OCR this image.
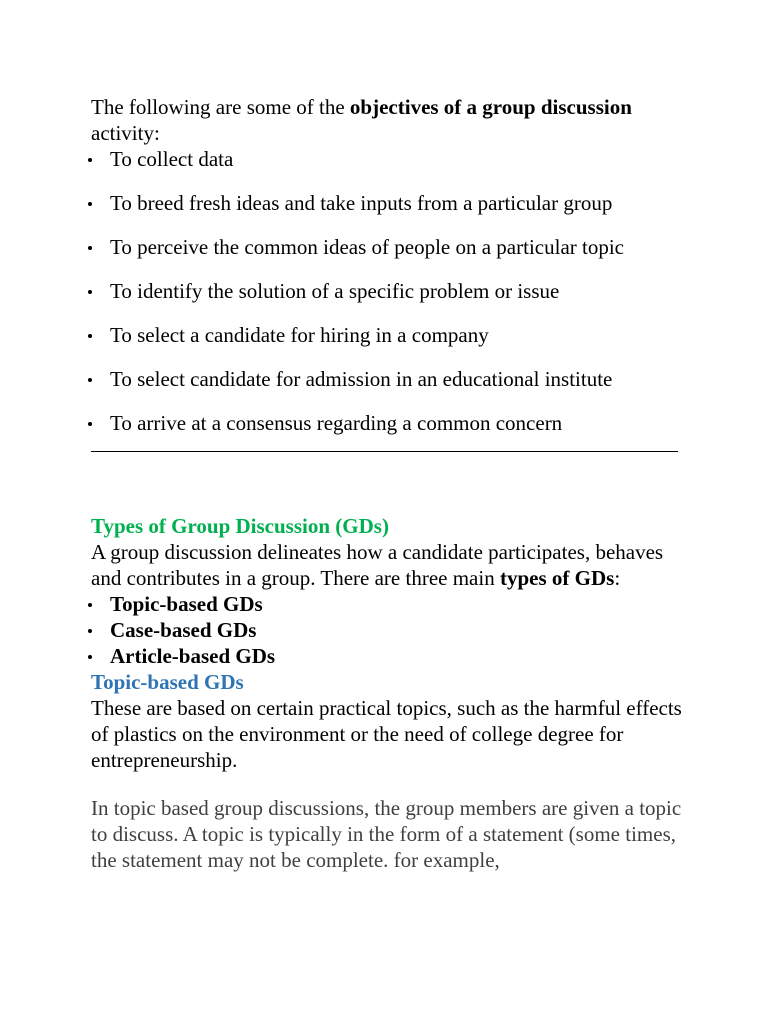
The following are some of the objectives of a group discussion activity:

To collect data
To breed fresh ideas and take inputs from a particular group
To perceive the common ideas of people on a particular topic
To identify the solution of a specific problem or issue
To select a candidate for hiring in a company
To select candidate for admission in an educational institute
To arrive at a consensus regarding a common concern

Types of Group Discussion (GDs)

A group discussion delineates how a candidate participates, behaves and contributes in a group. There are three main types of GDs:

Topic-based GDs
Case-based GDs
Article-based GDs

Topic-based GDs

These are based on certain practical topics, such as the harmful effects of plastics on the environment or the need of college degree for entrepreneurship.

In topic based group discussions, the group members are given a topic to discuss. A topic is typically in the form of a statement (some times, the statement may not be complete. for example,
